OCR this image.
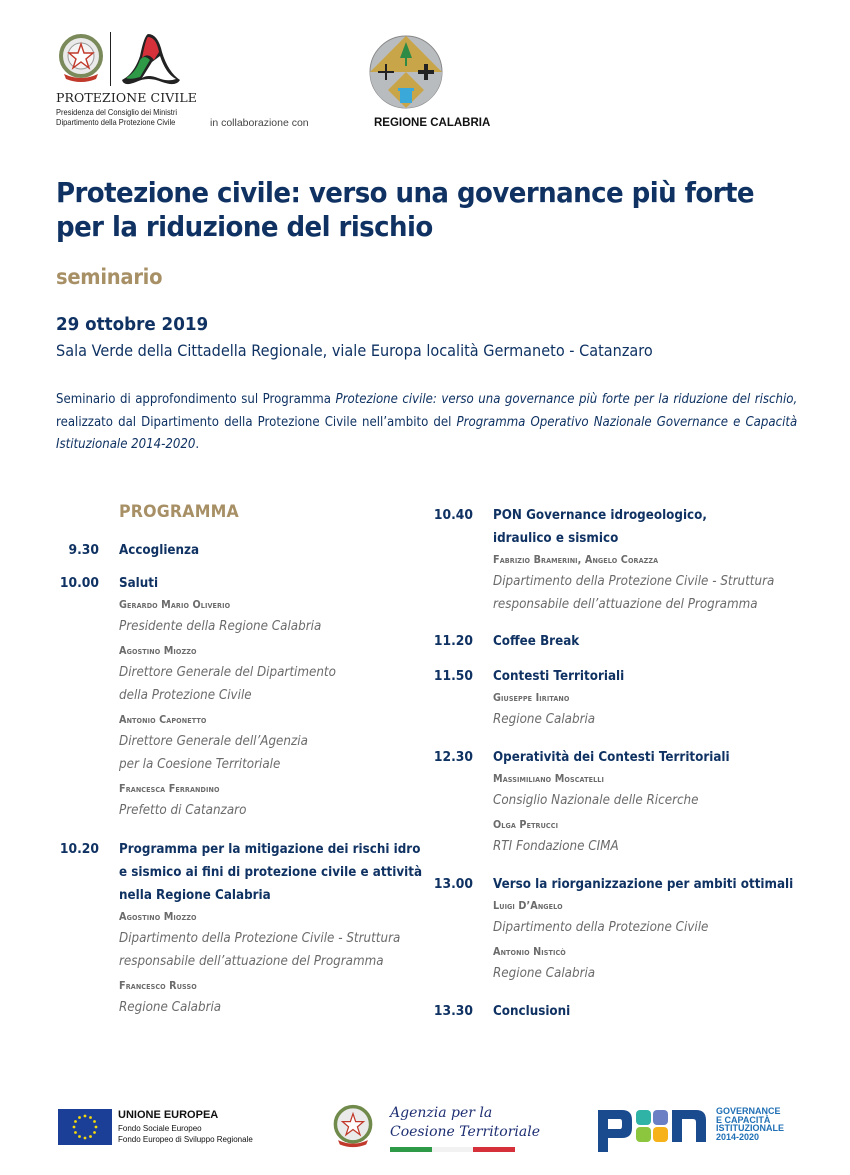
PROTEZIONE CIVILE
Presidenza del Consiglio dei Ministri
Dipartimento della Protezione Civile	in collaborazione con	REGIONE CALABRIA
Protezione civile: verso una governance più forte
per la riduzione del rischio
seminario
29 ottobre 2019
Sala Verde della Cittadella Regionale, viale Europa località Germaneto - Catanzaro
Seminario di approfondimento sul Programma Protezione civile: verso una governance più forte per la riduzione del rischio, realizzato dal Dipartimento della Protezione Civile nell’ambito del Programma Operativo Nazionale Governance e Capacità Istituzionale 2014-2020.
PROGRAMMA
9.30 Accoglienza
10.00 Saluti
Gerardo Mario Oliverio
Presidente della Regione Calabria
Agostino Miozzo
Direttore Generale del Dipartimento
della Protezione Civile
Antonio Caponetto
Direttore Generale dell’Agenzia
per la Coesione Territoriale
Francesca Ferrandino
Prefetto di Catanzaro
10.20 Programma per la mitigazione dei rischi idro
e sismico ai fini di protezione civile e attività
nella Regione Calabria
Agostino Miozzo
Dipartimento della Protezione Civile - Struttura
responsabile dell’attuazione del Programma
Francesco Russo
Regione Calabria
10.40 PON Governance idrogeologico,
idraulico e sismico
Fabrizio Bramerini, Angelo Corazza
Dipartimento della Protezione Civile - Struttura
responsabile dell’attuazione del Programma
11.20 Coffee Break
11.50 Contesti Territoriali
Giuseppe Iiritano
Regione Calabria
12.30 Operatività dei Contesti Territoriali
Massimiliano Moscatelli
Consiglio Nazionale delle Ricerche
Olga Petrucci
RTI Fondazione CIMA
13.00 Verso la riorganizzazione per ambiti ottimali
Luigi D’Angelo
Dipartimento della Protezione Civile
Antonio Nisticò
Regione Calabria
13.30 Conclusioni
UNIONE EUROPEA
Fondo Sociale Europeo
Fondo Europeo di Sviluppo Regionale
Agenzia per la
Coesione Territoriale
GOVERNANCE
E CAPACITÀ
ISTITUZIONALE
2014-2020
